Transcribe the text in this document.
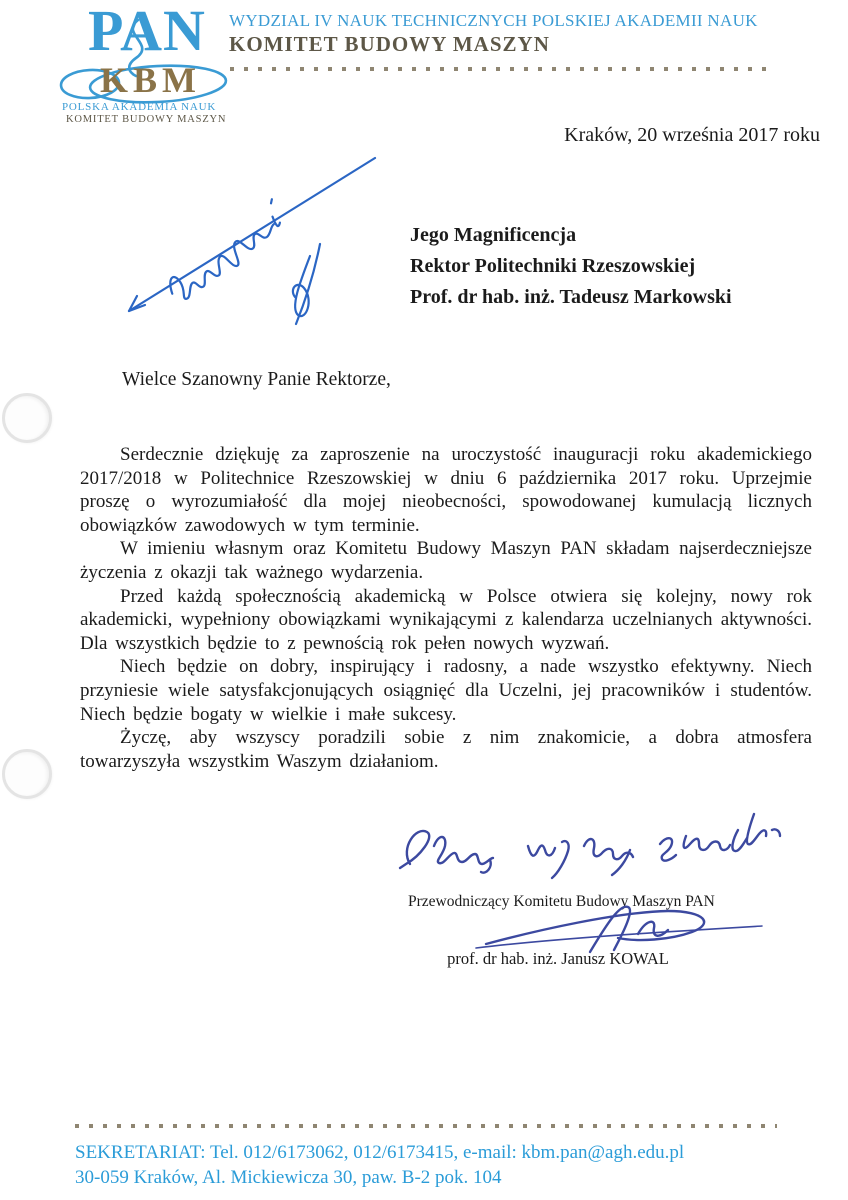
PAN
KBM
POLSKA AKADEMIA NAUK
KOMITET BUDOWY MASZYN
WYDZIAL IV NAUK TECHNICZNYCH POLSKIEJ AKADEMII NAUK
KOMITET BUDOWY MASZYN
Kraków, 20 września 2017 roku
Jego Magnificencja
Rektor Politechniki Rzeszowskiej
Prof. dr hab. inż. Tadeusz Markowski
Wielce Szanowny Panie Rektorze,

Serdecznie dziękuję za zaproszenie na uroczystość inauguracji roku akademickiego 2017/2018 w Politechnice Rzeszowskiej w dniu 6 października 2017 roku. Uprzejmie proszę o wyrozumiałość dla mojej nieobecności, spowodowanej kumulacją licznych obowiązków zawodowych w tym terminie.

W imieniu własnym oraz Komitetu Budowy Maszyn PAN składam najserdeczniejsze życzenia z okazji tak ważnego wydarzenia.

Przed każdą społecznością akademicką w Polsce otwiera się kolejny, nowy rok akademicki, wypełniony obowiązkami wynikającymi z kalendarza uczelnianych aktywności. Dla wszystkich będzie to z pewnością rok pełen nowych wyzwań.

Niech będzie on dobry, inspirujący i radosny, a nade wszystko efektywny. Niech przyniesie wiele satysfakcjonujących osiągnięć dla Uczelni, jej pracowników i studentów. Niech będzie bogaty w wielkie i małe sukcesy.

Życzę, aby wszyscy poradzili sobie z nim znakomicie, a dobra atmosfera towarzyszyła wszystkim Waszym działaniom.

Przewodniczący Komitetu Budowy Maszyn PAN
prof. dr hab. inż. Janusz KOWAL
SEKRETARIAT: Tel. 012/6173062, 012/6173415, e-mail: kbm.pan@agh.edu.pl
30-059 Kraków, Al. Mickiewicza 30, paw. B-2 pok. 104
